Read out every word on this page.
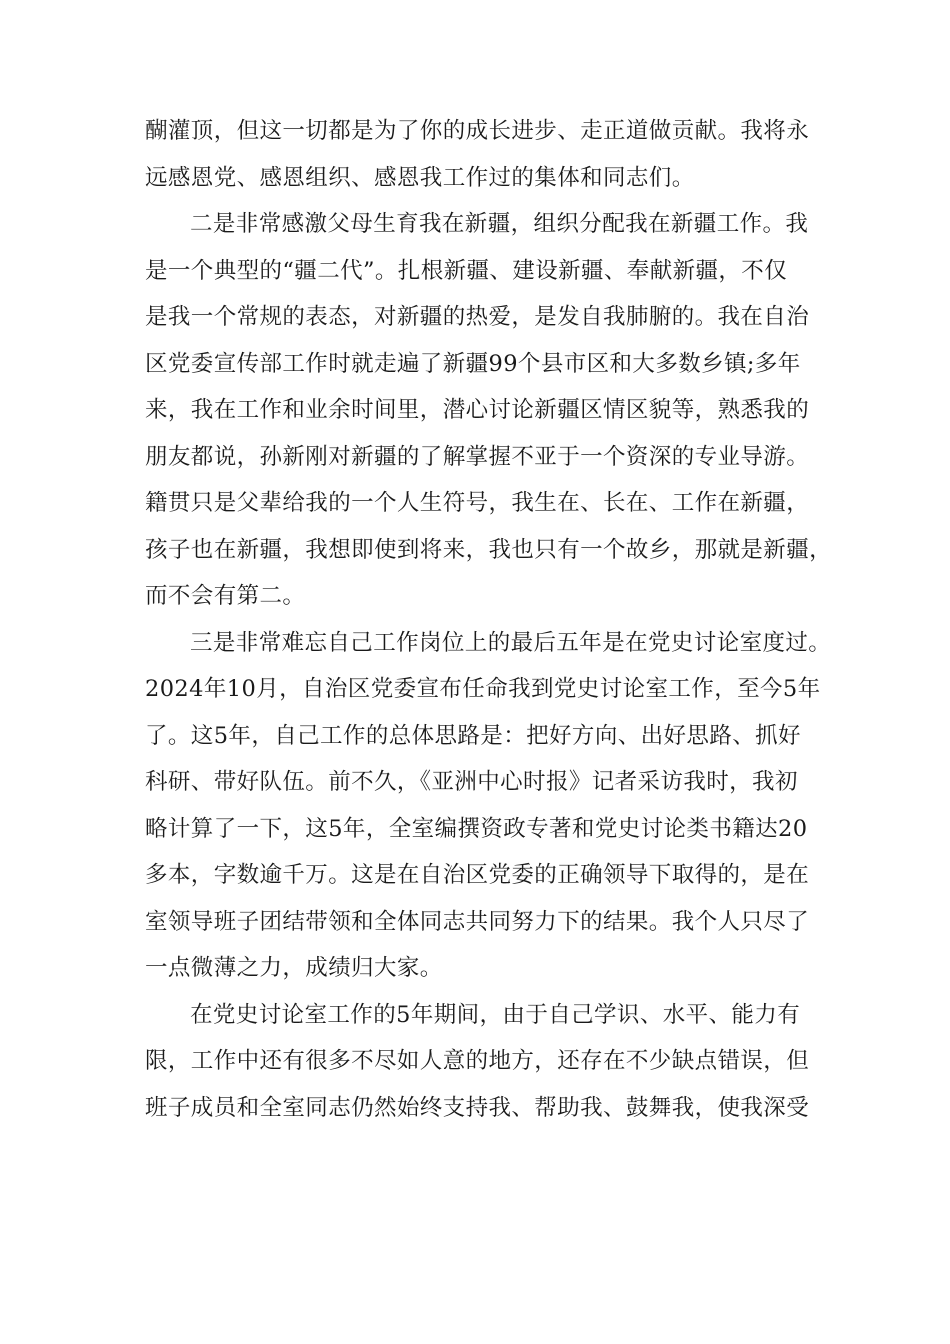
醐灌顶，但这一切都是为了你的成长进步、走正道做贡献。我将永
远感恩党、感恩组织、感恩我工作过的集体和同志们。
二是非常感激父母生育我在新疆，组织分配我在新疆工作。我
是一个典型的“疆二代”。扎根新疆、建设新疆、奉献新疆，不仅
是我一个常规的表态，对新疆的热爱，是发自我肺腑的。我在自治
区党委宣传部工作时就走遍了新疆99个县市区和大多数乡镇;多年
来，我在工作和业余时间里，潜心讨论新疆区情区貌等，熟悉我的
朋友都说，孙新刚对新疆的了解掌握不亚于一个资深的专业导游。
籍贯只是父辈给我的一个人生符号，我生在、长在、工作在新疆，
孩子也在新疆，我想即使到将来，我也只有一个故乡，那就是新疆，
而不会有第二。
三是非常难忘自己工作岗位上的最后五年是在党史讨论室度过。
2024年10月，自治区党委宣布任命我到党史讨论室工作，至今5年
了。这5年，自己工作的总体思路是：把好方向、出好思路、抓好
科研、带好队伍。前不久，《亚洲中心时报》记者采访我时，我初
略计算了一下，这5年，全室编撰资政专著和党史讨论类书籍达20
多本，字数逾千万。这是在自治区党委的正确领导下取得的，是在
室领导班子团结带领和全体同志共同努力下的结果。我个人只尽了
一点微薄之力，成绩归大家。
在党史讨论室工作的5年期间，由于自己学识、水平、能力有
限，工作中还有很多不尽如人意的地方，还存在不少缺点错误，但
班子成员和全室同志仍然始终支持我、帮助我、鼓舞我，使我深受
